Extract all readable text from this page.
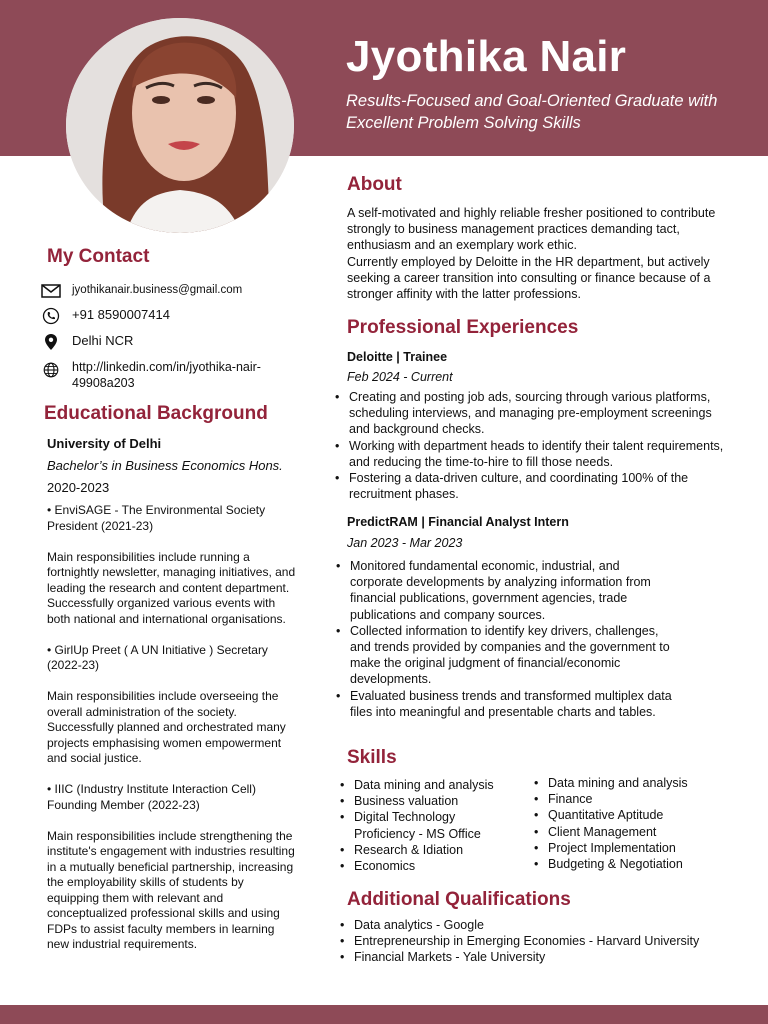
Jyothika Nair
Results-Focused and Goal-Oriented Graduate with Excellent Problem Solving Skills
My Contact
jyothikanair.business@gmail.com
+91 8590007414
Delhi NCR
http://linkedin.com/in/jyothika-nair-49908a203
Educational Background
University of Delhi
Bachelor’s in Business Economics Hons.
2020-2023
• EnviSAGE - The Environmental Society President (2021-23)
Main responsibilities include running a fortnightly newsletter, managing initiatives, and leading the research and content department.
Successfully organized various events with both national and international organisations.
• GirlUp Preet ( A UN Initiative ) Secretary (2022-23)
Main responsibilities include overseeing the overall administration of the society. Successfully planned and orchestrated many projects emphasising women empowerment and social justice.
• IIIC (Industry Institute Interaction Cell) Founding Member (2022-23)
Main responsibilities include strengthening the institute's engagement with industries resulting in a mutually beneficial partnership, increasing the employability skills of students by equipping them with relevant and conceptualized professional skills and using FDPs to assist faculty members in learning new industrial requirements.
About
A self-motivated and highly reliable fresher positioned to contribute strongly to business management practices demanding tact, enthusiasm and an exemplary work ethic.
Currently employed by Deloitte in the HR department, but actively seeking a career transition into consulting or finance because of a stronger affinity with the latter professions.
Professional Experiences
Deloitte | Trainee
Feb 2024 - Current
• Creating and posting job ads, sourcing through various platforms, scheduling interviews, and managing pre-employment screenings and background checks.
• Working with department heads to identify their talent requirements, and reducing the time-to-hire to fill those needs.
• Fostering a data-driven culture, and coordinating 100% of the recruitment phases.
PredictRAM | Financial Analyst Intern
Jan 2023 - Mar 2023
• Monitored fundamental economic, industrial, and corporate developments by analyzing information from financial publications, government agencies, trade publications and company sources.
• Collected information to identify key drivers, challenges, and trends provided by companies and the government to make the original judgment of financial/economic developments.
• Evaluated business trends and transformed multiplex data files into meaningful and presentable charts and tables.
Skills
• Data mining and analysis
• Business valuation
• Digital Technology Proficiency - MS Office
• Research & Idiation
• Economics
• Data mining and analysis
• Finance
• Quantitative Aptitude
• Client Management
• Project Implementation
• Budgeting & Negotiation
Additional Qualifications
• Data analytics - Google
• Entrepreneurship in Emerging Economies - Harvard University
• Financial Markets - Yale University
